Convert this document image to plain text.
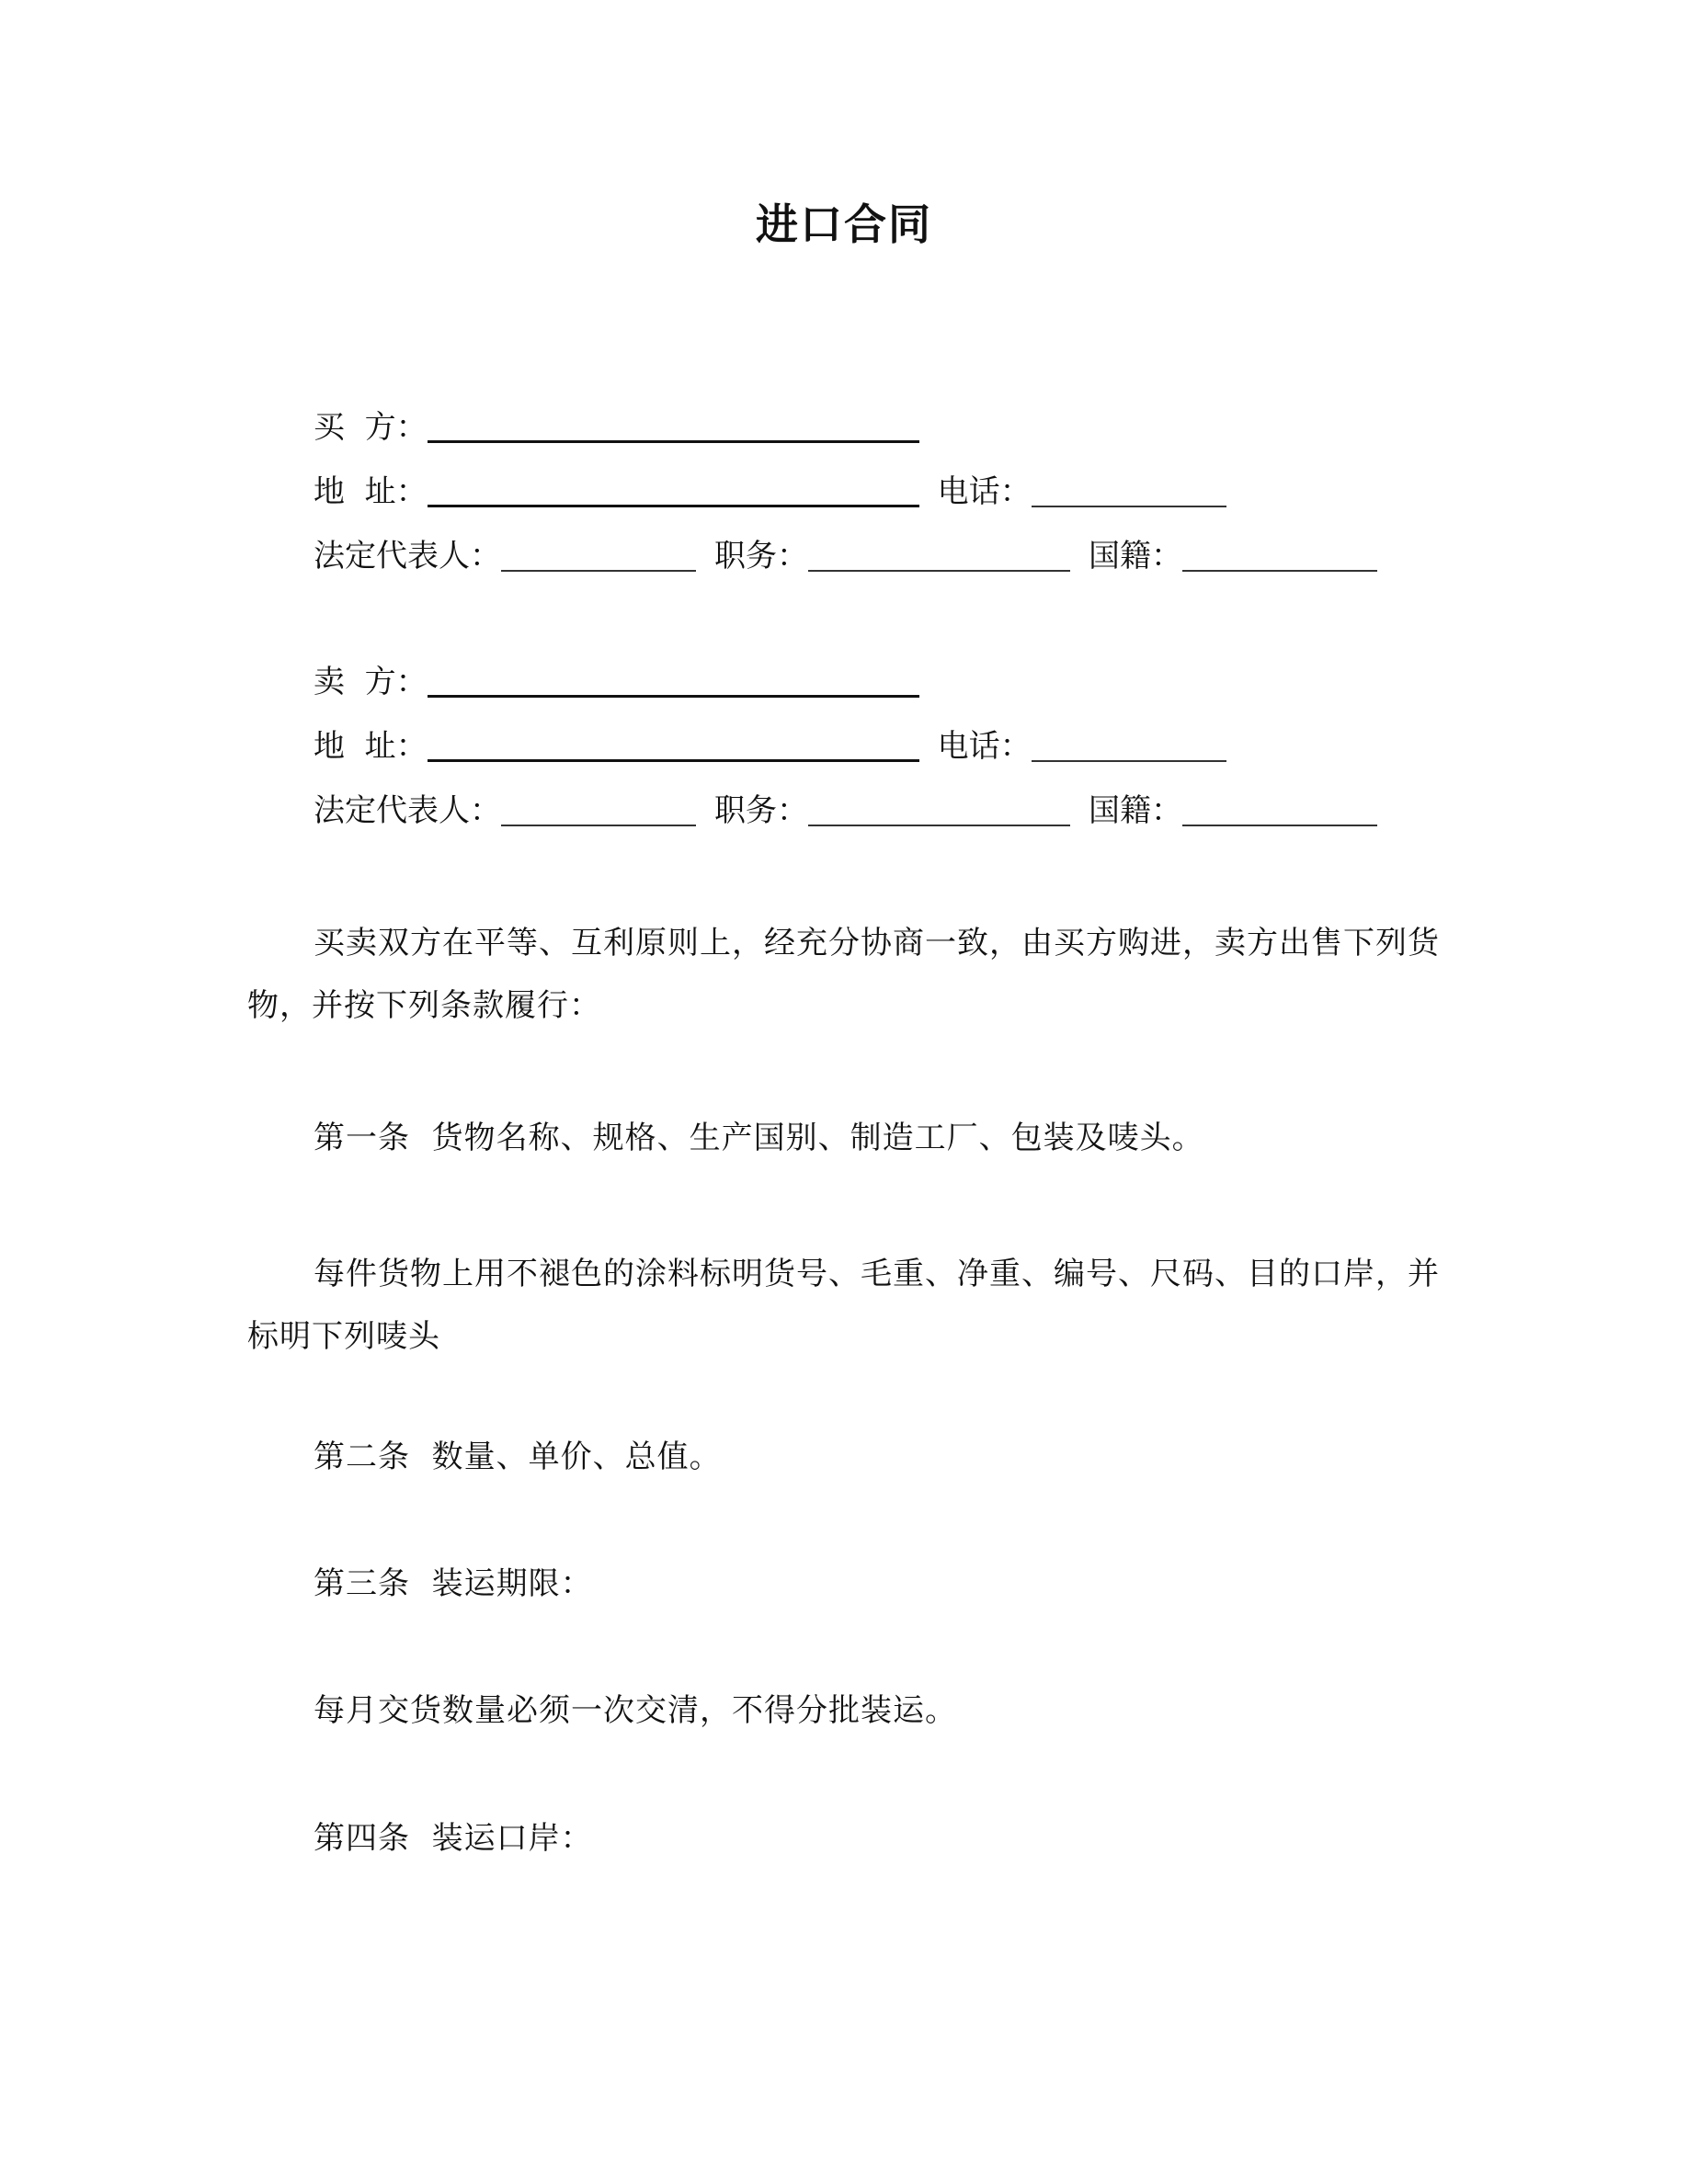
进口合同
买  方：
地  址：	电话：
法定代表人：	职务：	国籍：
卖  方：
地  址：	电话：
法定代表人：	职务：	国籍：
买卖双方在平等、互利原则上，经充分协商一致，由买方购进，卖方出售下列货物，并按下列条款履行：
第一条  货物名称、规格、生产国别、制造工厂、包装及唛头。
每件货物上用不褪色的涂料标明货号、毛重、净重、编号、尺码、目的口岸，并标明下列唛头
第二条  数量、单价、总值。
第三条  装运期限：
每月交货数量必须一次交清，不得分批装运。
第四条  装运口岸：
